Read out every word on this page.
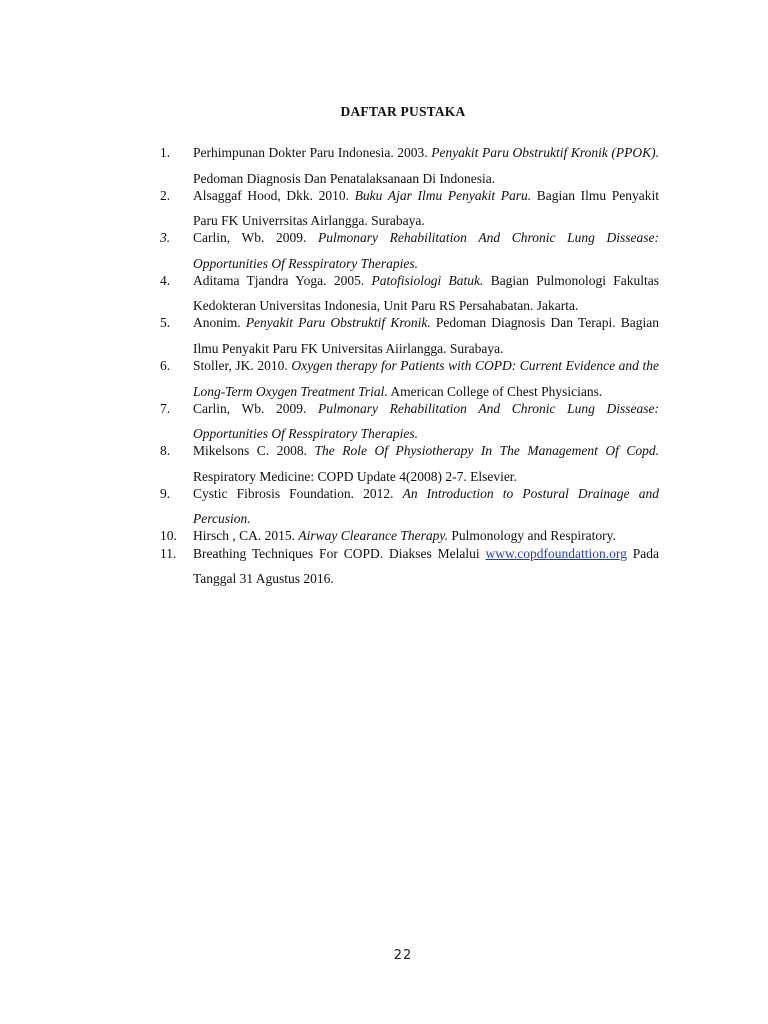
DAFTAR PUSTAKA
1.	Perhimpunan Dokter Paru Indonesia. 2003. Penyakit Paru Obstruktif Kronik (PPOK). Pedoman Diagnosis Dan Penatalaksanaan Di Indonesia.
2.	Alsaggaf Hood, Dkk. 2010. Buku Ajar Ilmu Penyakit Paru. Bagian Ilmu Penyakit Paru FK Univerrsitas Airlangga. Surabaya.
3.	Carlin, Wb. 2009. Pulmonary Rehabilitation And Chronic Lung Dissease: Opportunities Of Resspiratory Therapies.
4.	Aditama Tjandra Yoga. 2005. Patofisiologi Batuk. Bagian Pulmonologi Fakultas Kedokteran Universitas Indonesia, Unit Paru RS Persahabatan. Jakarta.
5.	Anonim. Penyakit Paru Obstruktif Kronik. Pedoman Diagnosis Dan Terapi. Bagian Ilmu Penyakit Paru FK Universitas Aiirlangga. Surabaya.
6.	Stoller, JK. 2010. Oxygen therapy for Patients with COPD: Current Evidence and the Long-Term Oxygen Treatment Trial. American College of Chest Physicians.
7.	Carlin, Wb. 2009. Pulmonary Rehabilitation And Chronic Lung Dissease: Opportunities Of Resspiratory Therapies.
8.	Mikelsons C. 2008. The Role Of Physiotherapy In The Management Of Copd. Respiratory Medicine: COPD Update 4(2008) 2-7. Elsevier.
9.	Cystic Fibrosis Foundation. 2012. An Introduction to Postural Drainage and Percusion.
10.	Hirsch , CA. 2015. Airway Clearance Therapy. Pulmonology and Respiratory.
11.	Breathing Techniques For COPD. Diakses Melalui www.copdfoundattion.org Pada Tanggal 31 Agustus 2016.
22
